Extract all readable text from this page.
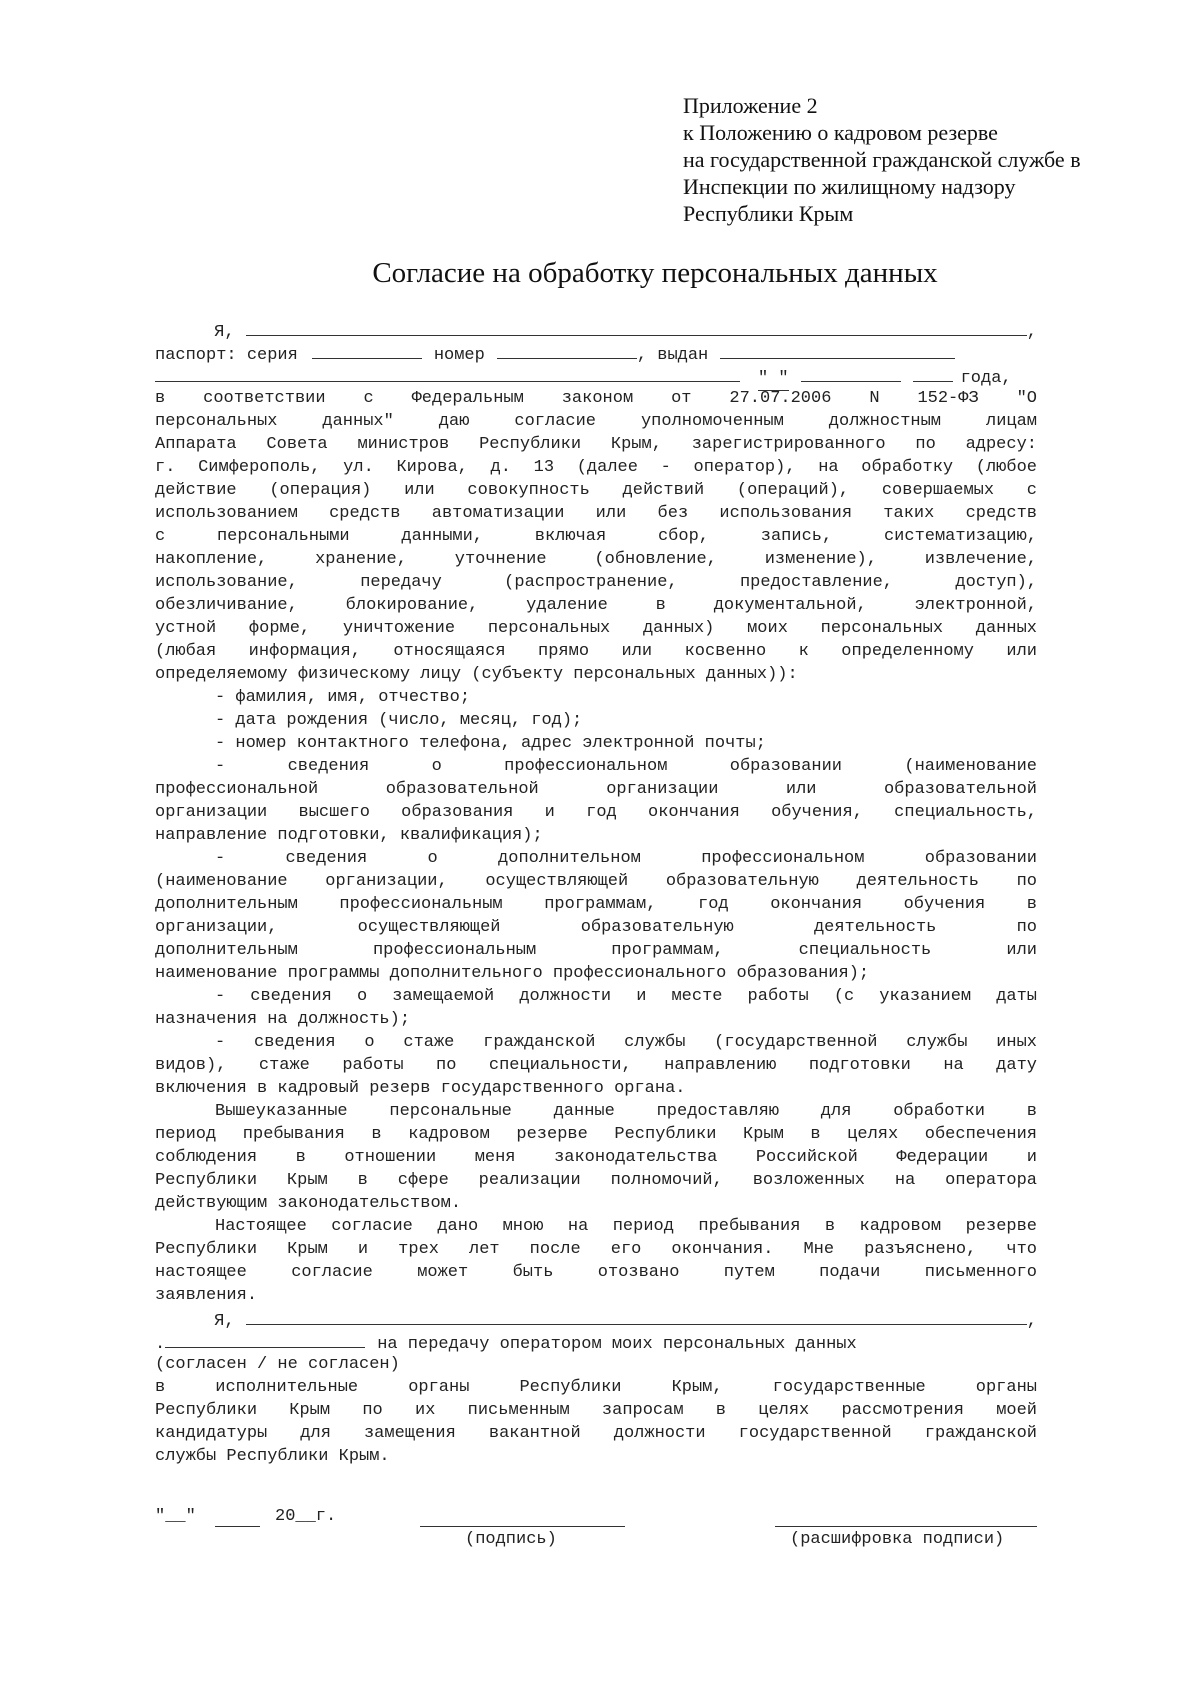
Приложение 2
к Положению о кадровом резерве
на государственной гражданской службе в
Инспекции по жилищному надзору
Республики Крым
Согласие на обработку персональных данных
Я,	,
паспорт: серия	номер	, выдан
" "	года,
в соответствии с Федеральным законом от 27.07.2006 N 152-ФЗ "О
персональных данных" даю согласие уполномоченным должностным лицам
Аппарата Совета министров Республики Крым, зарегистрированного по адресу:
г. Симферополь, ул. Кирова, д. 13 (далее - оператор), на обработку (любое
действие (операция) или совокупность действий (операций), совершаемых с
использованием средств автоматизации или без использования таких средств
с персональными данными, включая сбор, запись, систематизацию,
накопление, хранение, уточнение (обновление, изменение), извлечение,
использование, передачу (распространение, предоставление, доступ),
обезличивание, блокирование, удаление в документальной, электронной,
устной форме, уничтожение персональных данных) моих персональных данных
(любая информация, относящаяся прямо или косвенно к определенному или
определяемому физическому лицу (субъекту персональных данных)):
- фамилия, имя, отчество;
- дата рождения (число, месяц, год);
- номер контактного телефона, адрес электронной почты;
- сведения о профессиональном образовании (наименование
профессиональной образовательной организации или образовательной
организации высшего образования и год окончания обучения, специальность,
направление подготовки, квалификация);
- сведения о дополнительном профессиональном образовании
(наименование организации, осуществляющей образовательную деятельность по
дополнительным профессиональным программам, год окончания обучения в
организации, осуществляющей образовательную деятельность по
дополнительным профессиональным программам, специальность или
наименование программы дополнительного профессионального образования);
- сведения о замещаемой должности и месте работы (с указанием даты
назначения на должность);
- сведения о стаже гражданской службы (государственной службы иных
видов), стаже работы по специальности, направлению подготовки на дату
включения в кадровый резерв государственного органа.
Вышеуказанные персональные данные предоставляю для обработки в
период пребывания в кадровом резерве Республики Крым в целях обеспечения
соблюдения в отношении меня законодательства Российской Федерации и
Республики Крым в сфере реализации полномочий, возложенных на оператора
действующим законодательством.
Настоящее согласие дано мною на период пребывания в кадровом резерве
Республики Крым и трех лет после его окончания. Мне разъяснено, что
настоящее согласие может быть отозвано путем подачи письменного
заявления.
Я,	,
.	на передачу оператором моих персональных данных
(согласен / не согласен)
в исполнительные органы Республики Крым, государственные органы
Республики Крым по их письменным запросам в целях рассмотрения моей
кандидатуры для замещения вакантной должности государственной гражданской
службы Республики Крым.
"__"	20__г.
(подпись)	(расшифровка подписи)
